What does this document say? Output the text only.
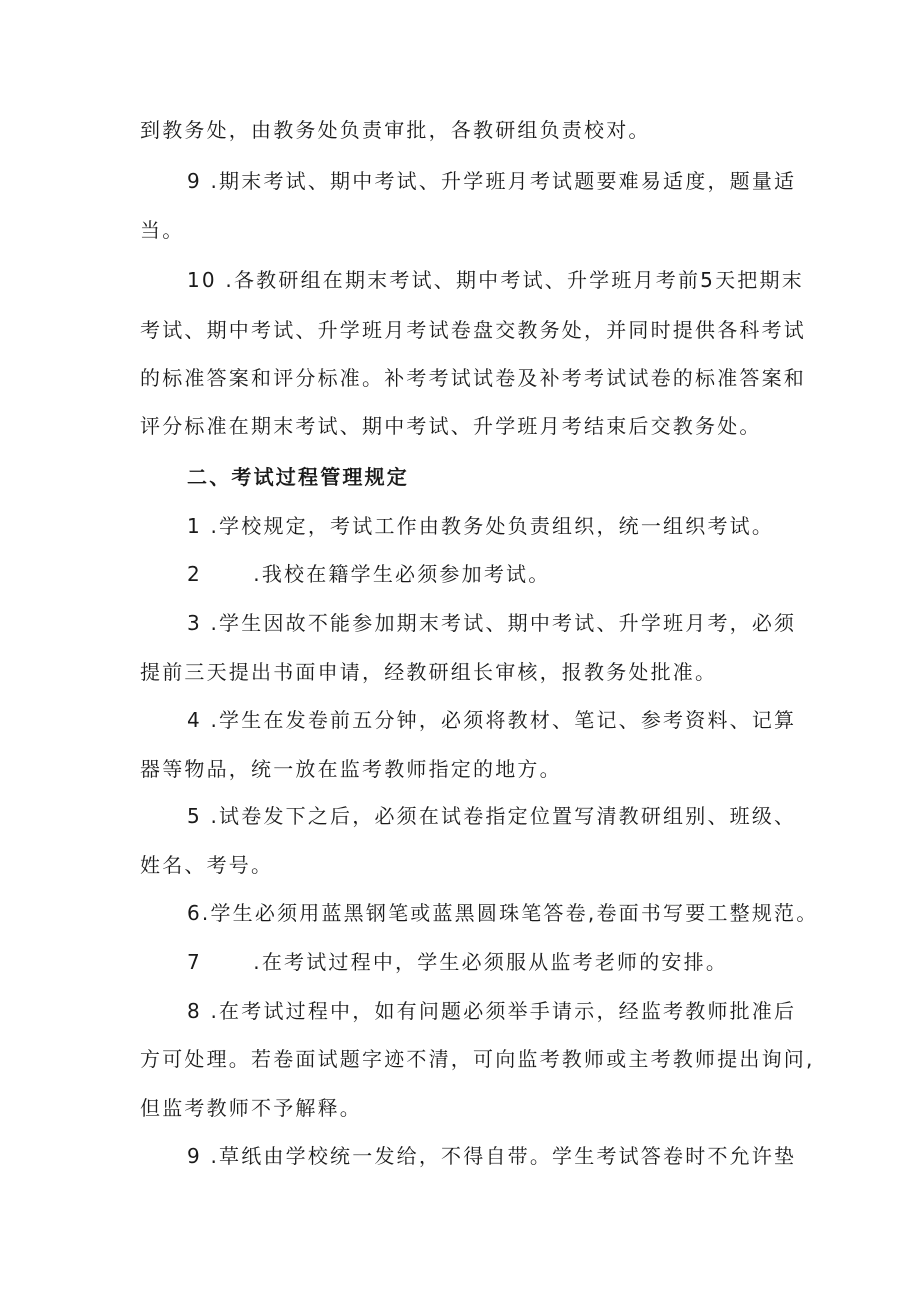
到教务处，由教务处负责审批，各教研组负责校对。
9 .期末考试、期中考试、升学班月考试题要难易适度，题量适
当。
10 .各教研组在期末考试、期中考试、升学班月考前5天把期末
考试、期中考试、升学班月考试卷盘交教务处，并同时提供各科考试
的标准答案和评分标准。补考考试试卷及补考考试试卷的标准答案和
评分标准在期末考试、期中考试、升学班月考结束后交教务处。
二、考试过程管理规定
1 .学校规定，考试工作由教务处负责组织，统一组织考试。
2      .我校在籍学生必须参加考试。
3 .学生因故不能参加期末考试、期中考试、升学班月考，必须
提前三天提出书面申请，经教研组长审核，报教务处批准。
4 .学生在发卷前五分钟，必须将教材、笔记、参考资料、记算
器等物品，统一放在监考教师指定的地方。
5 .试卷发下之后，必须在试卷指定位置写清教研组别、班级、
姓名、考号。
6.学生必须用蓝黑钢笔或蓝黑圆珠笔答卷,卷面书写要工整规范。
7      .在考试过程中，学生必须服从监考老师的安排。
8 .在考试过程中，如有问题必须举手请示，经监考教师批准后
方可处理。若卷面试题字迹不清，可向监考教师或主考教师提出询问,
但监考教师不予解释。
9 .草纸由学校统一发给，不得自带。学生考试答卷时不允许垫
